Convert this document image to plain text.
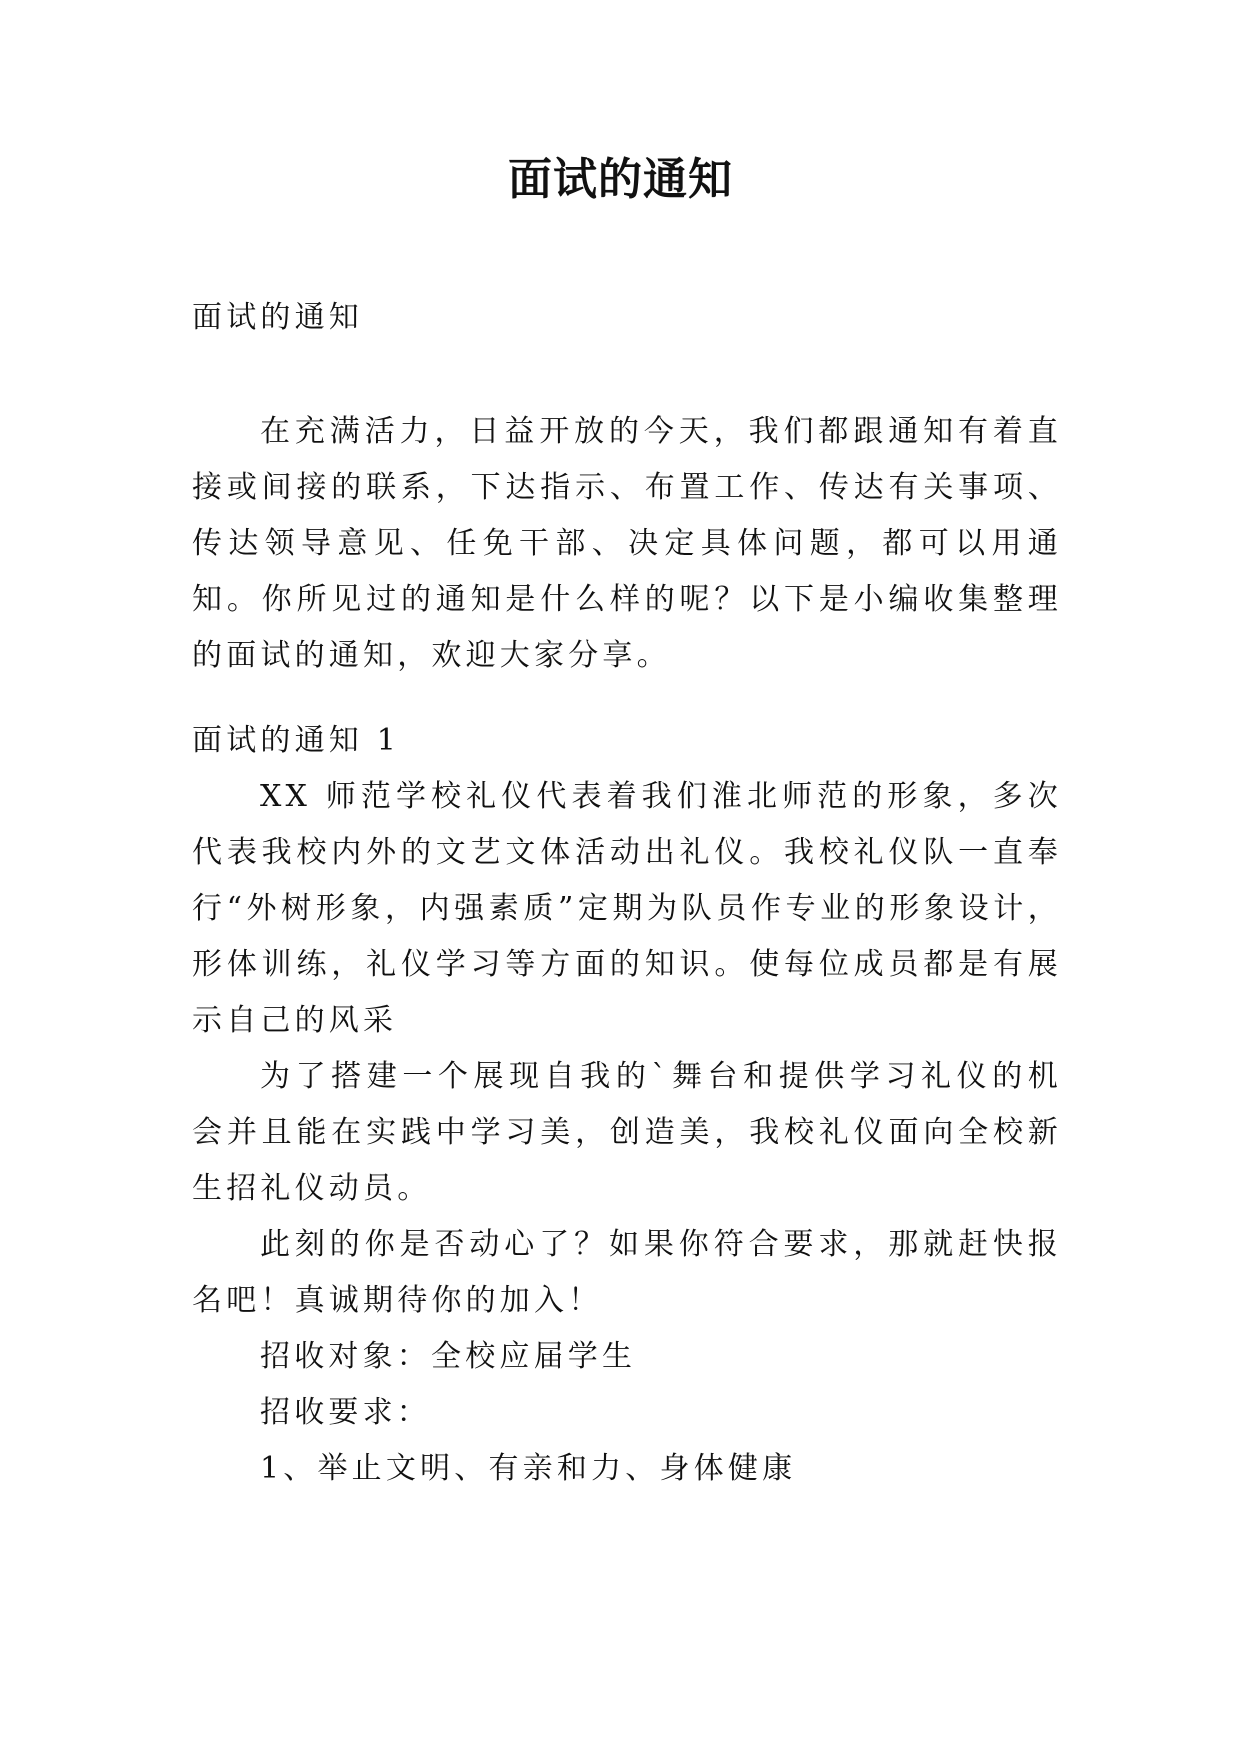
面试的通知

面试的通知

在充满活力，日益开放的今天，我们都跟通知有着直接或间接的联系，下达指示、布置工作、传达有关事项、传达领导意见、任免干部、决定具体问题，都可以用通知。你所见过的通知是什么样的呢？以下是小编收集整理的面试的通知，欢迎大家分享。

面试的通知 1

XX 师范学校礼仪代表着我们淮北师范的形象，多次代表我校内外的文艺文体活动出礼仪。我校礼仪队一直奉行“外树形象，内强素质”定期为队员作专业的形象设计，形体训练，礼仪学习等方面的知识。使每位成员都是有展示自己的风采

为了搭建一个展现自我的`舞台和提供学习礼仪的机会并且能在实践中学习美，创造美，我校礼仪面向全校新生招礼仪动员。

此刻的你是否动心了？如果你符合要求，那就赶快报名吧！真诚期待你的加入！

招收对象：全校应届学生

招收要求：

1、举止文明、有亲和力、身体健康
